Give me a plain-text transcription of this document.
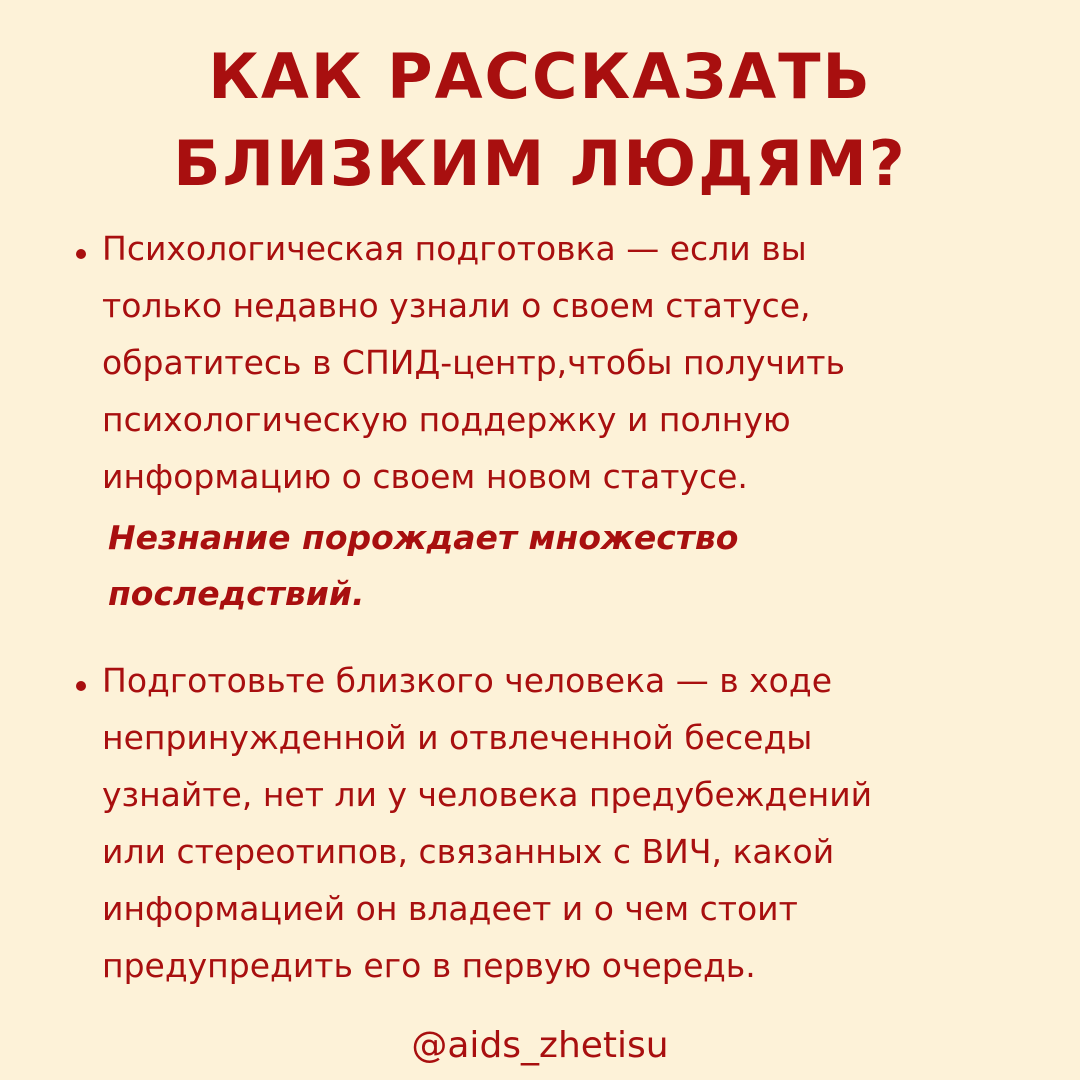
КАК РАССКАЗАТЬ
БЛИЗКИМ ЛЮДЯМ?
Психологическая подготовка — если вы
только недавно узнали о своем статусе,
обратитесь в СПИД-центр,чтобы получить
психологическую поддержку и полную
информацию о своем новом статусе.
Незнание порождает множество
последствий.
Подготовьте близкого человека — в ходе
непринужденной и отвлеченной беседы
узнайте, нет ли у человека предубеждений
или стереотипов, связанных с ВИЧ, какой
информацией он владеет и о чем стоит
предупредить его в первую очередь.
@aids_zhetisu
